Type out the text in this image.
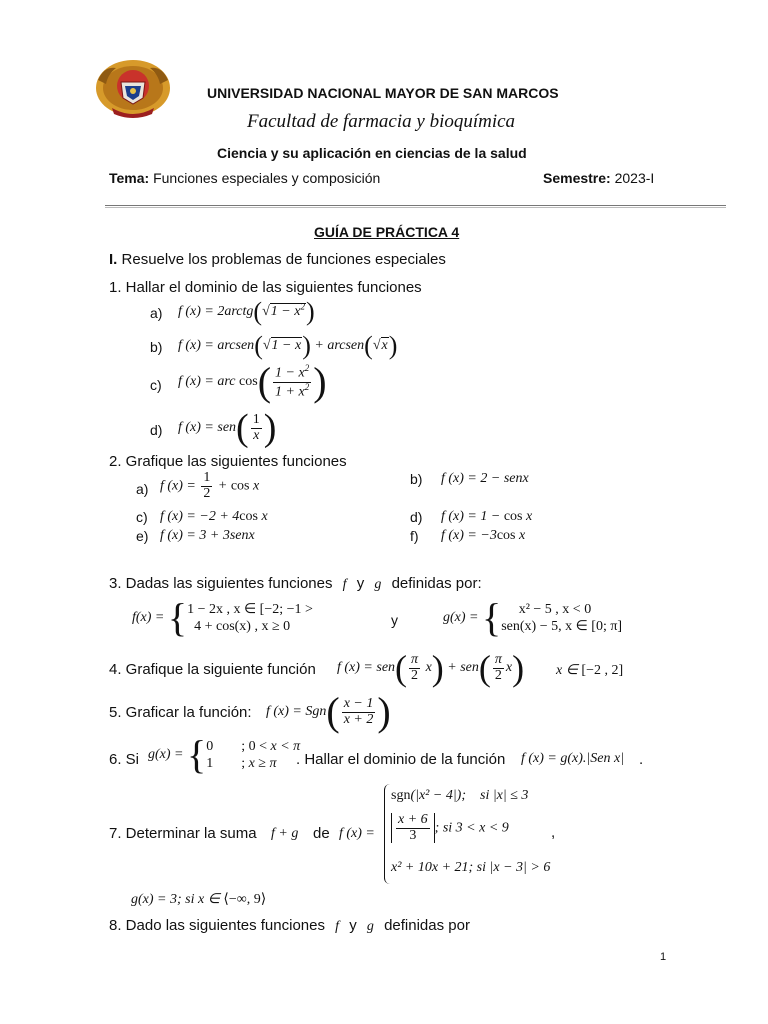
UNIVERSIDAD NACIONAL MAYOR DE SAN MARCOS
Facultad de farmacia y bioquímica
Ciencia y su aplicación en ciencias de la salud
Tema: Funciones especiales y composición	Semestre: 2023-I
GUÍA DE PRÁCTICA 4
I. Resuelve los problemas de funciones especiales
1. Hallar el dominio de las siguientes funciones
a) f (x) = 2arctg(√1 − $x^2$)
b) f (x) = arcsen(√1 − x) + arcsen(√x)
c) f (x) = arc $\cos( \frac{1 - x^2}{1 + x^2}$ )
d) f $(x) = sen( \frac{1}{x}$ )
2. Grafique las siguientes funciones
a) f $(x) = \frac{1}{2} + \cos x$	b) f (x) = 2 − senx
c) f (x) = −2 + 4cos x	d) f (x) = 1 − cos x
e) f (x) = 3 + 3senx	f) f (x) = −3cos x
3. Dadas las siguientes funciones f y g definidas por:
f(x) = {1 − 2x , x ∈ [−2; −1 >
4 + cos(x) , x ≥ 0	y	g(x) = {     x² − 5 , x < 0
sen(x) − 5, x ∈ [0; π]
4. Grafique la siguiente función f $(x) = sen( \frac{\pi}{2} x) + sen( \frac{\pi}{2} x)$ x ∈ [−2 , 2]
5. Graficar la función: f $(x) = Sgn( \frac{x - 1}{x + 2}$ )
6. Si g(x) = {0        ; 0 < x < π
1        ; x ≥ π	. Hallar el dominio de la función f (x) = g(x).|Sen x| .
7. Determinar la suma f + g de f (x) =
sgn(|x² − 4|);    si |x| ≤ 3
$\frac{x + 6}{3}$ ; si 3 < x < 9
x² + 10x + 21; si |x − 3| > 6
,
g(x) = 3; si x ∈ ⟨−∞, 9⟩
8. Dado las siguientes funciones f y g definidas por
1
